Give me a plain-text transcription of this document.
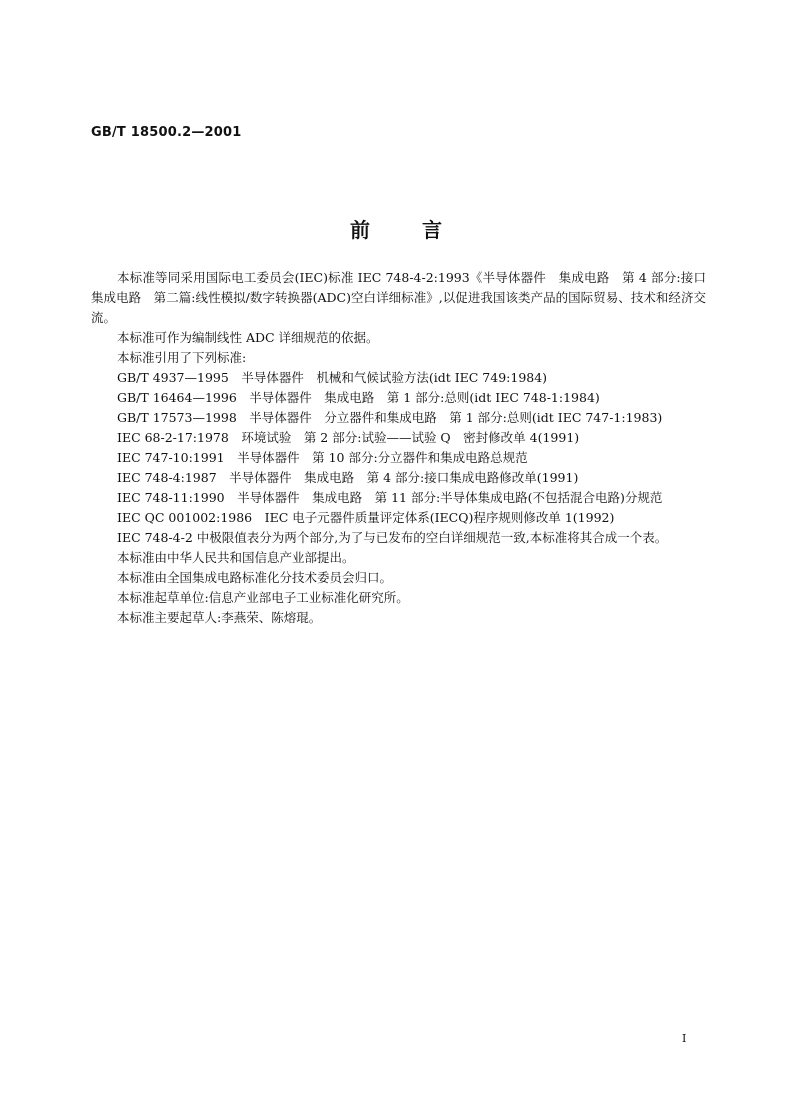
GB/T 18500.2—2001
前	言

本标准等同采用国际电工委员会(IEC)标准 IEC 748-4-2:1993《半导体器件　集成电路　第 4 部分:接口集成电路　第二篇:线性模拟/数字转换器(ADC)空白详细标准》,以促进我国该类产品的国际贸易、技术和经济交流。

本标准可作为编制线性 ADC 详细规范的依据。

本标准引用了下列标准:

GB/T 4937—1995　半导体器件　机械和气候试验方法(idt IEC 749:1984)

GB/T 16464—1996　半导体器件　集成电路　第 1 部分:总则(idt IEC 748-1:1984)

GB/T 17573—1998　半导体器件　分立器件和集成电路　第 1 部分:总则(idt IEC 747-1:1983)

IEC 68-2-17:1978　环境试验　第 2 部分:试验——试验 Q　密封修改单 4(1991)

IEC 747-10:1991　半导体器件　第 10 部分:分立器件和集成电路总规范

IEC 748-4:1987　半导体器件　集成电路　第 4 部分:接口集成电路修改单(1991)

IEC 748-11:1990　半导体器件　集成电路　第 11 部分:半导体集成电路(不包括混合电路)分规范

IEC QC 001002:1986　IEC 电子元器件质量评定体系(IECQ)程序规则修改单 1(1992)

IEC 748-4-2 中极限值表分为两个部分,为了与已发布的空白详细规范一致,本标准将其合成一个表。

本标准由中华人民共和国信息产业部提出。

本标准由全国集成电路标准化分技术委员会归口。

本标准起草单位:信息产业部电子工业标准化研究所。

本标准主要起草人:李燕荣、陈熔琨。

I
